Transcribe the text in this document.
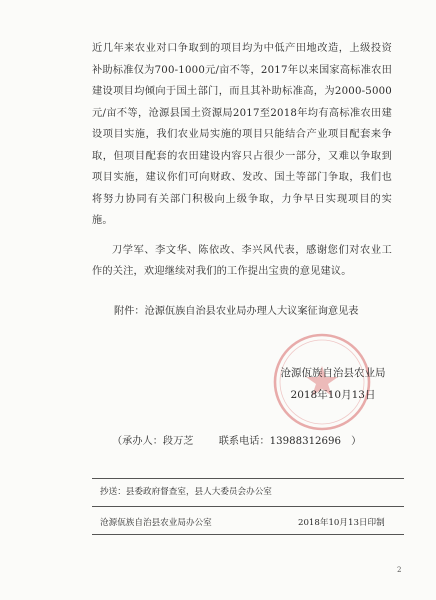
近几年来农业对口争取到的项目均为中低产田地改造，上级投资补助标准仅为700-1000元/亩不等，2017年以来国家高标准农田建设项目均倾向于国土部门，而且其补助标准高，为2000-5000元/亩不等，沧源县国土资源局2017至2018年均有高标准农田建设项目实施，我们农业局实施的项目只能结合产业项目配套来争取，但项目配套的农田建设内容只占很少一部分，又难以争取到项目实施，建议你们可向财政、发改、国土等部门争取，我们也将努力协同有关部门积极向上级争取，力争早日实现项目的实施。

刀学军、李文华、陈依改、李兴风代表，感谢您们对农业工作的关注，欢迎继续对我们的工作提出宝贵的意见建议。

附件：沧源佤族自治县农业局办理人大议案征询意见表
沧源佤族自治县农业局
2018年10月13日
（承办人：段万芝 联系电话：13988312696　）
抄送：县委政府督查室，县人大委员会办公室
沧源佤族自治县农业局办公室	2018年10月13日印制
2
